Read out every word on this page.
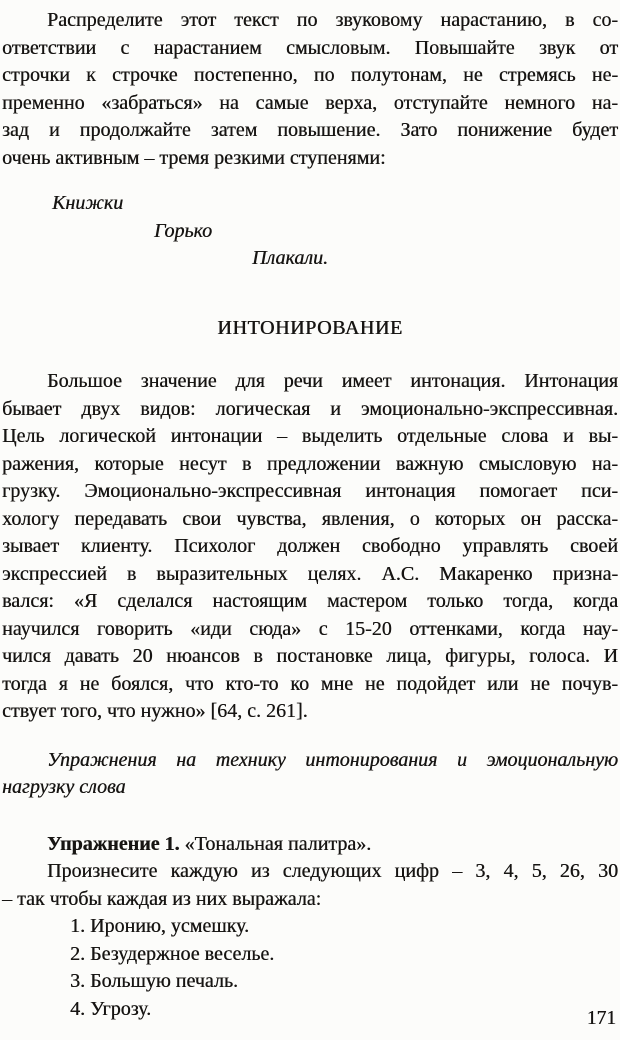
Распределите этот текст по звуковому нарастанию, в со-
ответствии с нарастанием смысловым. Повышайте звук от
строчки к строчке постепенно, по полутонам, не стремясь не-
пременно «забраться» на самые верха, отступайте немного на-
зад и продолжайте затем повышение. Зато понижение будет
очень активным – тремя резкими ступенями:
Книжки
Горько
Плакали.
ИНТОНИРОВАНИЕ
Большое значение для речи имеет интонация. Интонация
бывает двух видов: логическая и эмоционально-экспрессивная.
Цель логической интонации – выделить отдельные слова и вы-
ражения, которые несут в предложении важную смысловую на-
грузку. Эмоционально-экспрессивная интонация помогает пси-
хологу передавать свои чувства, явления, о которых он расска-
зывает клиенту. Психолог должен свободно управлять своей
экспрессией в выразительных целях. А.С. Макаренко призна-
вался: «Я сделался настоящим мастером только тогда, когда
научился говорить «иди сюда» с 15-20 оттенками, когда нау-
чился давать 20 нюансов в постановке лица, фигуры, голоса. И
тогда я не боялся, что кто-то ко мне не подойдет или не почув-
ствует того, что нужно» [64, с. 261].
Упражнения на технику интонирования и эмоциональную
нагрузку слова
Упражнение 1. «Тональная палитра».
Произнесите каждую из следующих цифр – 3, 4, 5, 26, 30
– так чтобы каждая из них выражала:
1. Иронию, усмешку.
2. Безудержное веселье.
3. Большую печаль.
4. Угрозу.	171
